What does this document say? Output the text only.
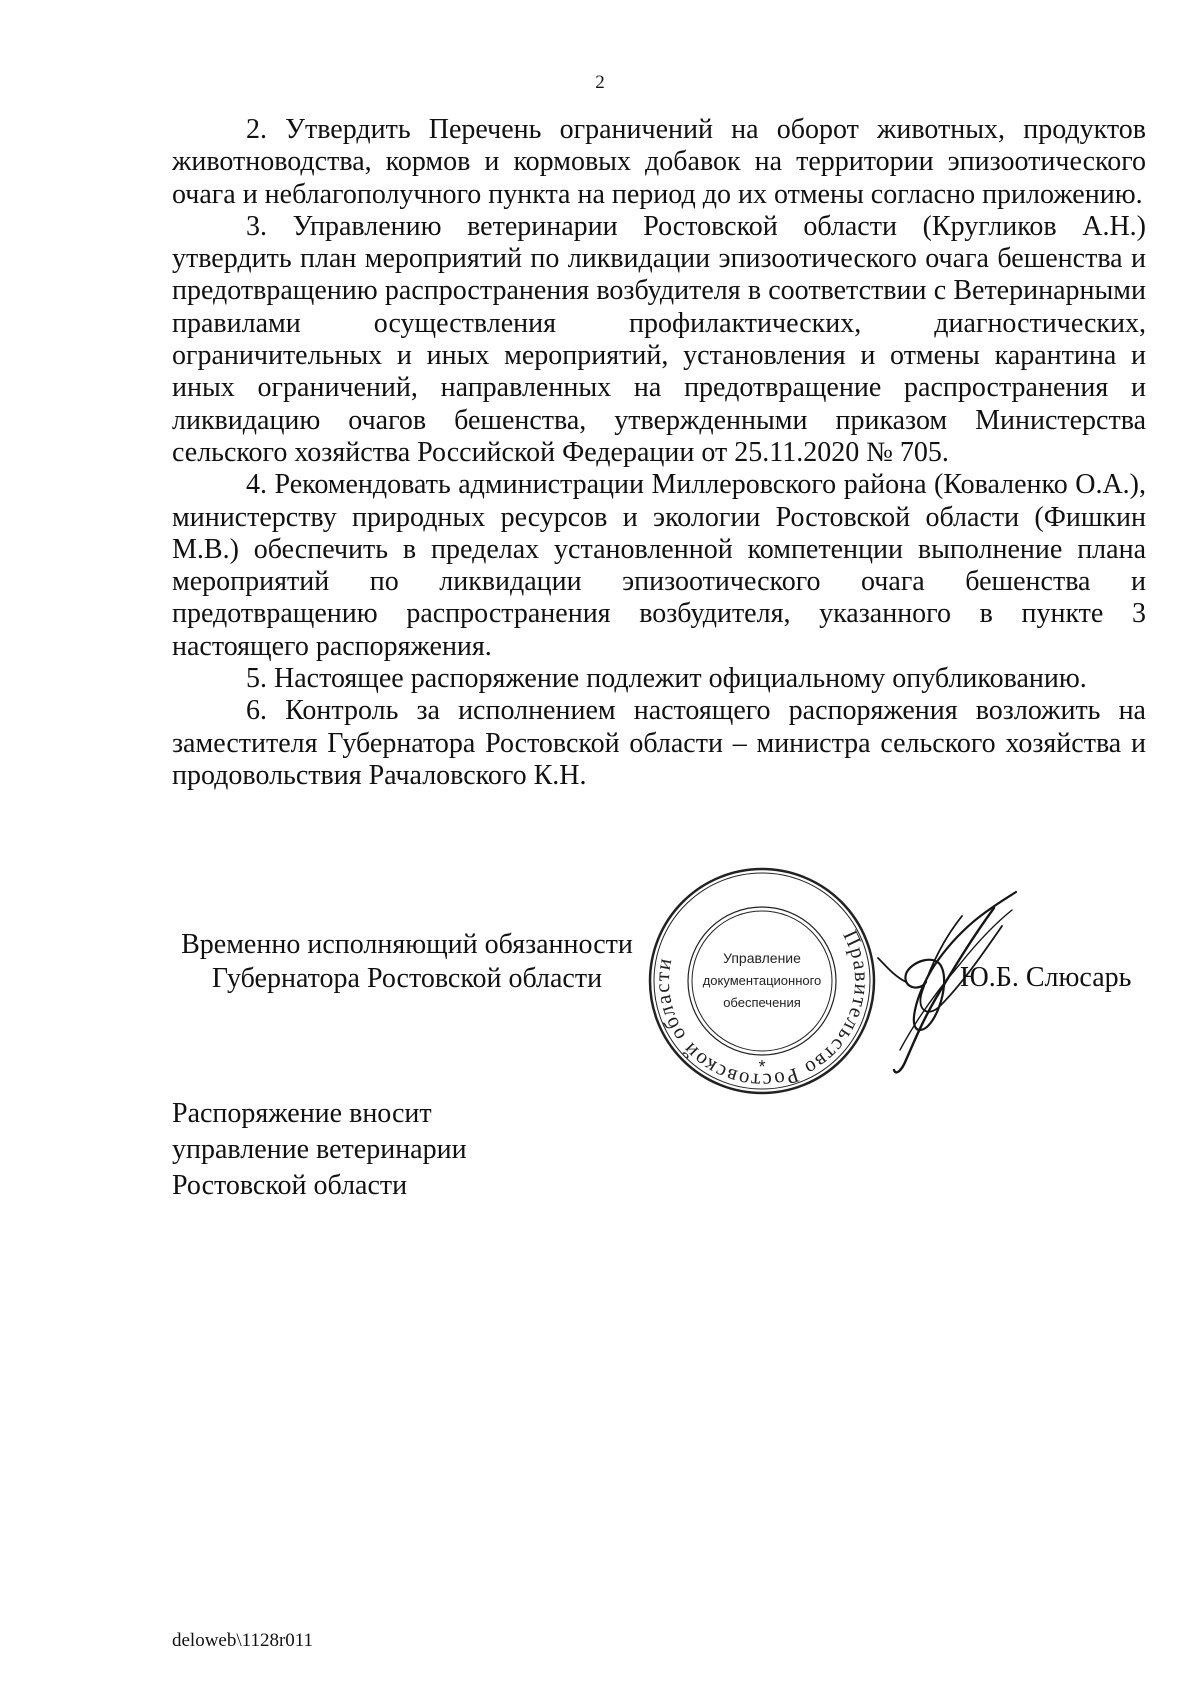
2

2. Утвердить Перечень ограничений на оборот животных, продуктов животноводства, кормов и кормовых добавок на территории эпизоотического очага и неблагополучного пункта на период до их отмены согласно приложению.

3. Управлению ветеринарии Ростовской области (Кругликов А.Н.) утвердить план мероприятий по ликвидации эпизоотического очага бешенства и предотвращению распространения возбудителя в соответствии с Ветеринарными правилами осуществления профилактических, диагностических, ограничительных и иных мероприятий, установления и отмены карантина и иных ограничений, направленных на предотвращение распространения и ликвидацию очагов бешенства, утвержденными приказом Министерства сельского хозяйства Российской Федерации от 25.11.2020 № 705.

4. Рекомендовать администрации Миллеровского района (Коваленко О.А.), министерству природных ресурсов и экологии Ростовской области (Фишкин М.В.) обеспечить в пределах установленной компетенции выполнение плана мероприятий по ликвидации эпизоотического очага бешенства и предотвращению распространения возбудителя, указанного в пункте 3 настоящего распоряжения.

5. Настоящее распоряжение подлежит официальному опубликованию.

6. Контроль за исполнением настоящего распоряжения возложить на заместителя Губернатора Ростовской области – министра сельского хозяйства и продовольствия Рачаловского К.Н.

Временно исполняющий обязанности
Губернатора Ростовской области
Правительство Ростовской области	Управление
документационного
обеспечения
*
Ю.Б. Слюсарь
Распоряжение вносит
управление ветеринарии
Ростовской области
deloweb\1128r011
